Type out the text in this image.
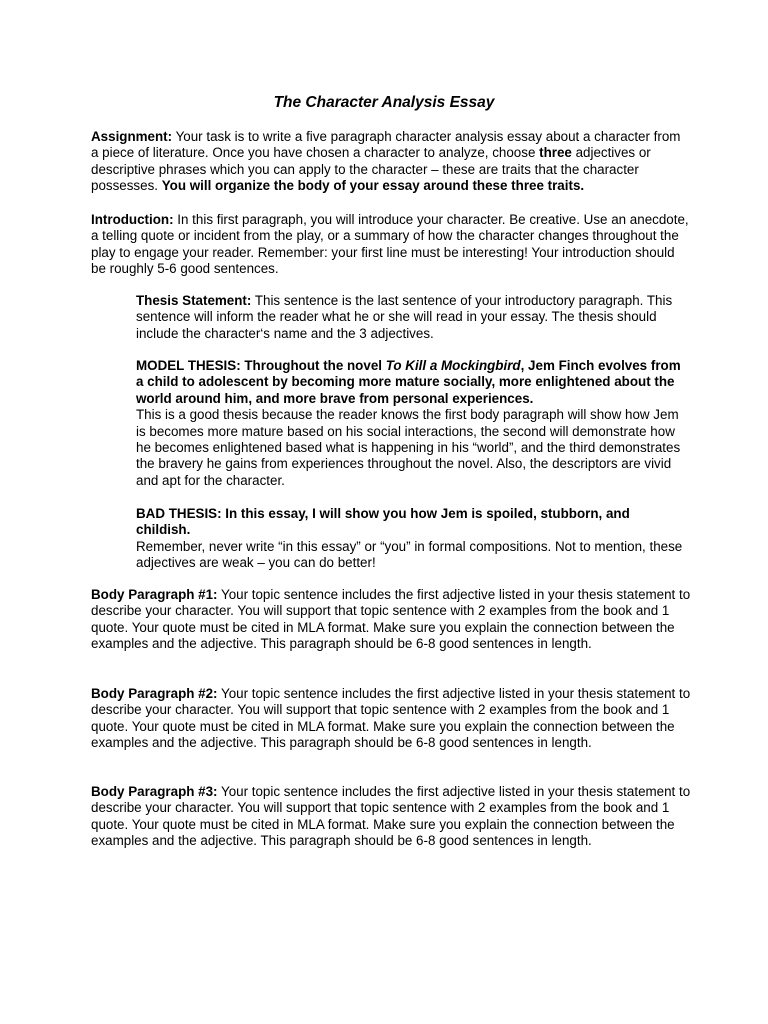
The Character Analysis Essay

Assignment: Your task is to write a five paragraph character analysis essay about a character from a piece of literature. Once you have chosen a character to analyze, choose three adjectives or descriptive phrases which you can apply to the character – these are traits that the character possesses. You will organize the body of your essay around these three traits.

Introduction: In this first paragraph, you will introduce your character. Be creative. Use an anecdote, a telling quote or incident from the play, or a summary of how the character changes throughout the play to engage your reader. Remember: your first line must be interesting! Your introduction should be roughly 5-6 good sentences.

Thesis Statement: This sentence is the last sentence of your introductory paragraph. This sentence will inform the reader what he or she will read in your essay. The thesis should include the character‘s name and the 3 adjectives.

MODEL THESIS: Throughout the novel To Kill a Mockingbird, Jem Finch evolves from a child to adolescent by becoming more mature socially, more enlightened about the world around him, and more brave from personal experiences.
This is a good thesis because the reader knows the first body paragraph will show how Jem is becomes more mature based on his social interactions, the second will demonstrate how he becomes enlightened based what is happening in his “world”, and the third demonstrates the bravery he gains from experiences throughout the novel. Also, the descriptors are vivid and apt for the character.

BAD THESIS: In this essay, I will show you how Jem is spoiled, stubborn, and childish.
Remember, never write “in this essay” or “you” in formal compositions. Not to mention, these adjectives are weak – you can do better!

Body Paragraph #1: Your topic sentence includes the first adjective listed in your thesis statement to describe your character. You will support that topic sentence with 2 examples from the book and 1 quote. Your quote must be cited in MLA format. Make sure you explain the connection between the examples and the adjective. This paragraph should be 6-8 good sentences in length.

Body Paragraph #2: Your topic sentence includes the first adjective listed in your thesis statement to describe your character. You will support that topic sentence with 2 examples from the book and 1 quote. Your quote must be cited in MLA format. Make sure you explain the connection between the examples and the adjective. This paragraph should be 6-8 good sentences in length.

Body Paragraph #3: Your topic sentence includes the first adjective listed in your thesis statement to describe your character. You will support that topic sentence with 2 examples from the book and 1 quote. Your quote must be cited in MLA format. Make sure you explain the connection between the examples and the adjective. This paragraph should be 6-8 good sentences in length.
